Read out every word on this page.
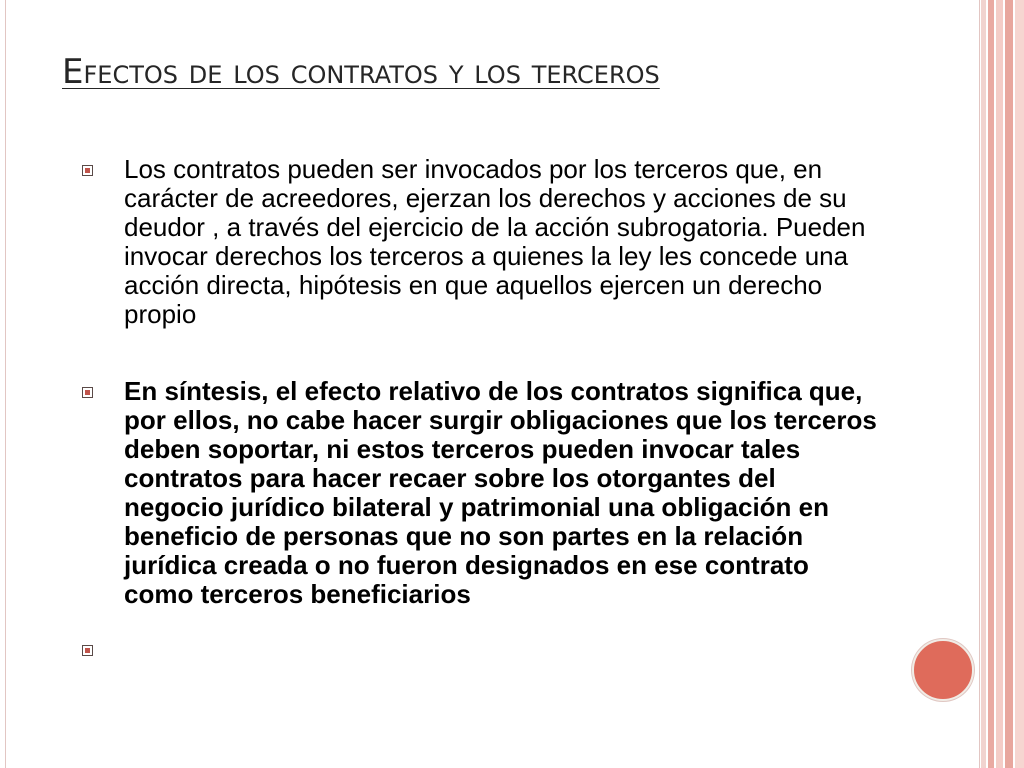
Efectos de los contratos y los terceros
Los contratos pueden ser invocados por los terceros que, en carácter de acreedores, ejerzan los derechos y acciones de su deudor , a través del ejercicio de la acción subrogatoria. Pueden invocar derechos los terceros a quienes la ley les concede una acción directa, hipótesis en que aquellos ejercen un derecho propio
En síntesis, el efecto relativo de los contratos significa que, por ellos, no cabe hacer surgir obligaciones que los terceros deben soportar, ni estos terceros pueden invocar tales contratos para hacer recaer sobre los otorgantes del negocio jurídico bilateral y patrimonial una obligación en beneficio de personas que no son partes en la relación jurídica creada o no fueron designados en ese contrato como terceros beneficiarios
